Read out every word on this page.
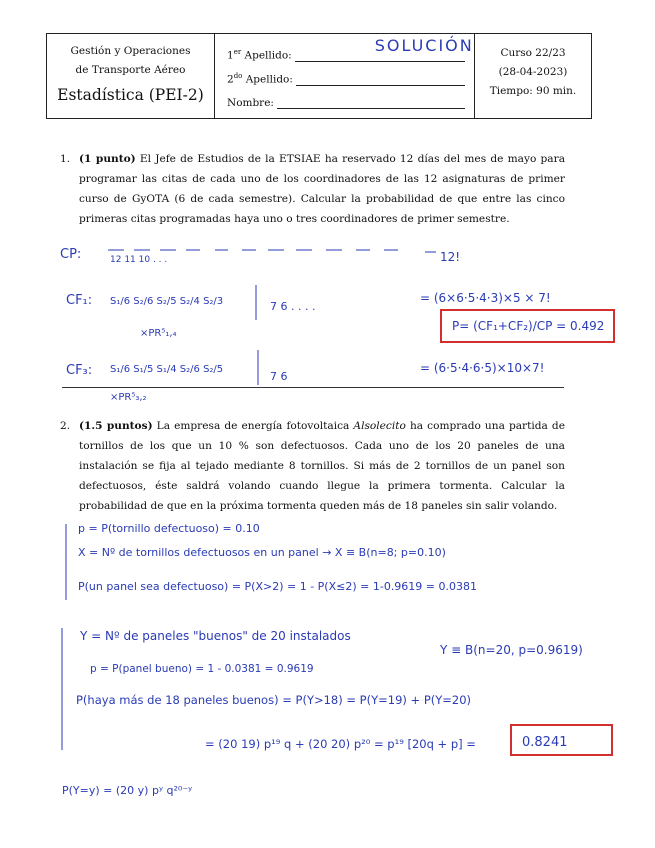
Gestión y Operaciones
de Transporte Aéreo
Estadística (PEI-2)
1er Apellido:
SOLUCIÓN
$2^{do}$ Apellido:
Nombre:
Curso 22/23
(28-04-2023)
Tiempo: 90 min.
1. (1 punto) El Jefe de Estudios de la ETSIAE ha reservado 12 días del mes de mayo para programar las citas de cada uno de los coordinadores de las 12 asignaturas de primer curso de GyOTA (6 de cada semestre). Calcular la probabilidad de que entre las cinco primeras citas programadas haya uno o tres coordinadores de primer semestre.
CP:	12 11 10 . . .	12!
CF₁: S₁/6 S₂/6 S₂/5 S₂/4 S₂/3	7 6 . . . .
×PR⁵₁,₄
= (6×6·5·4·3)×5 × 7!
P= (CF₁+CF₂)/CP = 0.492
CF₃: S₁/6 S₁/5 S₁/4 S₂/6 S₂/5
7 6
×PR⁵₃,₂
= (6·5·4·6·5)×10×7!
2. (1.5 puntos) La empresa de energía fotovoltaica Alsolecito ha comprado una partida de tornillos de los que un 10 % son defectuosos. Cada uno de los 20 paneles de una instalación se fija al tejado mediante 8 tornillos. Si más de 2 tornillos de un panel son defectuosos, éste saldrá volando cuando llegue la primera tormenta. Calcular la probabilidad de que en la próxima tormenta queden más de 18 paneles sin salir volando.
p = P(tornillo defectuoso) = 0.10
X = Nº de tornillos defectuosos en un panel → X ≡ B(n=8; p=0.10)
P(un panel sea defectuoso) = P(X>2) = 1 - P(X≤2) = 1-0.9619 = 0.0381
Y = Nº de paneles "buenos" de 20 instalados
Y ≡ B(n=20, p=0.9619)
p = P(panel bueno) = 1 - 0.0381 = 0.9619
P(haya más de 18 paneles buenos) = P(Y>18) = P(Y=19) + P(Y=20)
= (20 19) p¹⁹ q + (20 20) p²⁰ = p¹⁹ [20q + p] =	0.8241
P(Y=y) = (20 y) pʸ q²⁰⁻ʸ
